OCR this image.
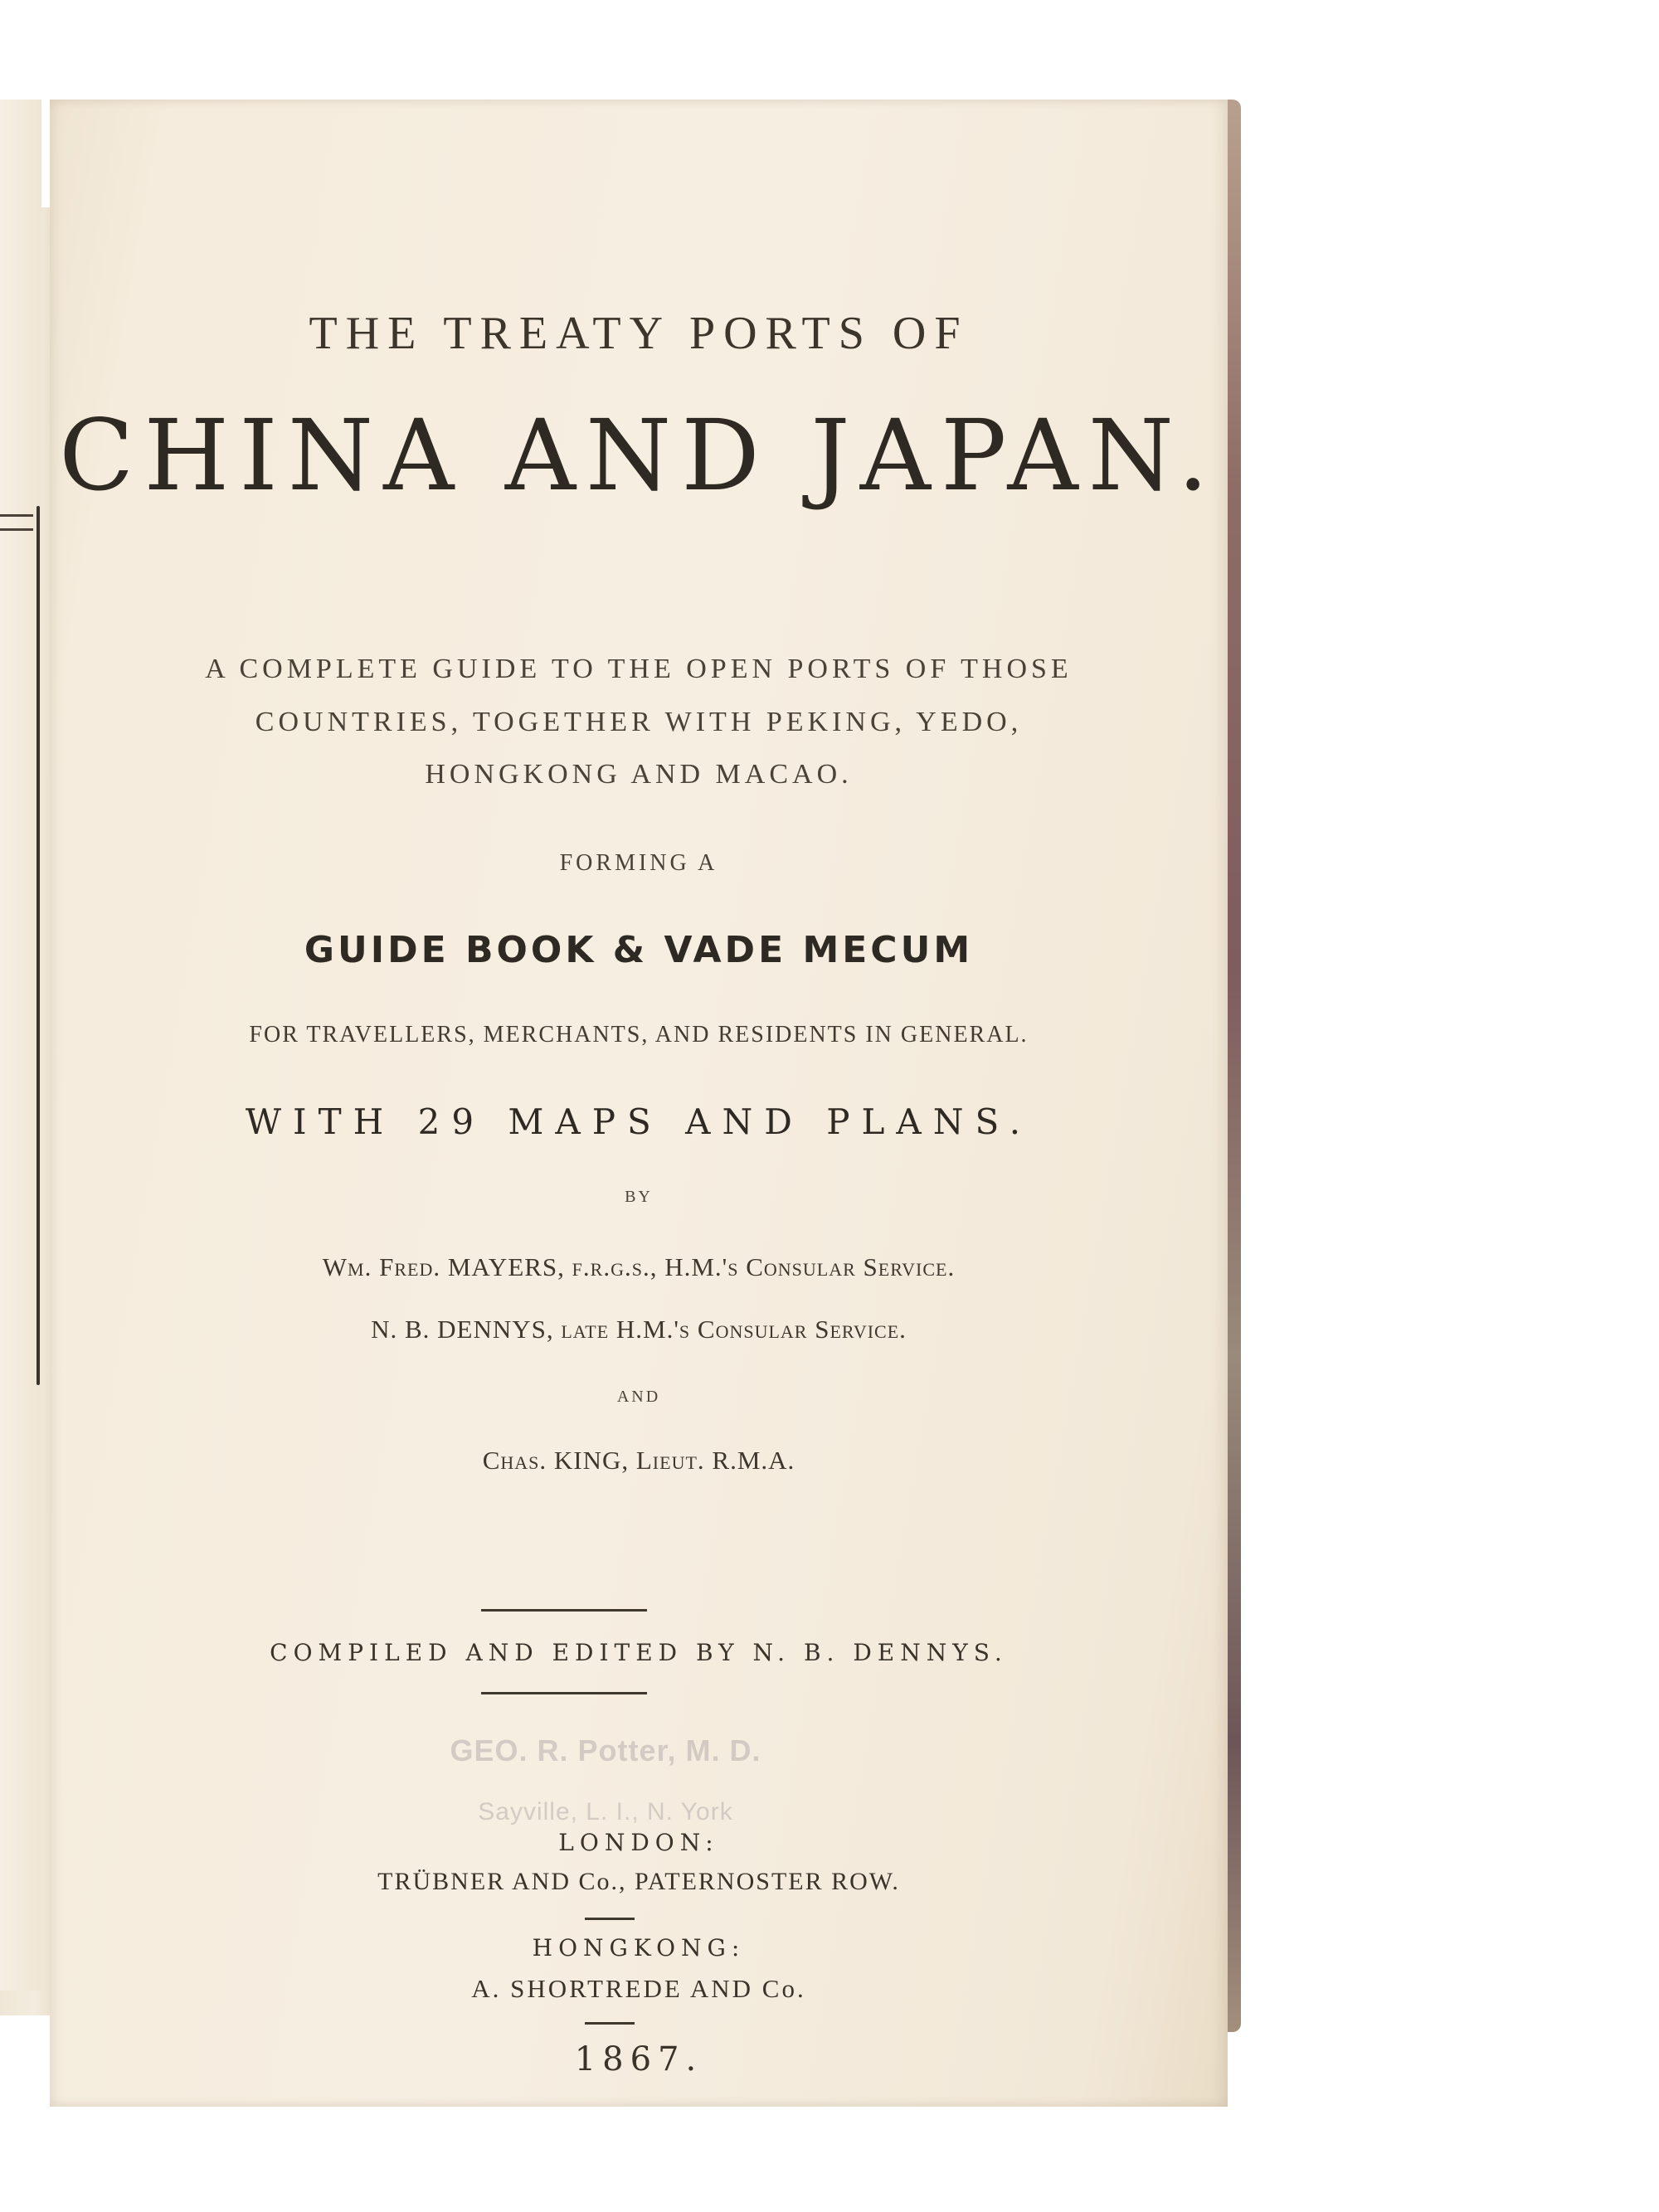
THE TREATY PORTS OF
CHINA AND JAPAN.
A COMPLETE GUIDE TO THE OPEN PORTS OF THOSE
COUNTRIES, TOGETHER WITH PEKING, YEDO,
HONGKONG AND MACAO.
FORMING A
GUIDE BOOK & VADE MECUM
FOR TRAVELLERS, MERCHANTS, AND RESIDENTS IN GENERAL.
WITH 29 MAPS AND PLANS.
BY
Wm. Fred. MAYERS, f.r.g.s., H.M.'s Consular Service.
N. B. DENNYS, late H.M.'s Consular Service.
AND
Chas. KING, Lieut. R.M.A.
COMPILED AND EDITED BY N. B. DENNYS.
GEO. R. Potter, M. D.
Sayville, L. I., N. York
LONDON:
TRÜBNER AND Co., PATERNOSTER ROW.
HONGKONG:
A. SHORTREDE AND Co.
1867.
